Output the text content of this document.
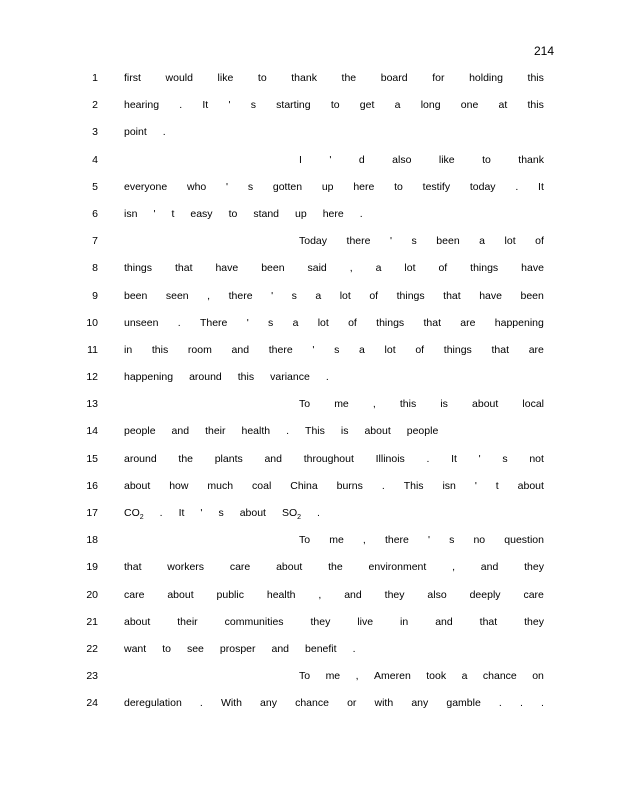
214
1 first would like to thank the board for holding this
2 hearing . It ' s starting to get a long one at this
3 point .
4	I	'	d	also	like	to	thank
5 everyone who ' s gotten up here to testify today . It
6 isn ' t easy to stand up here .
7	Today there ' s been a lot of
8 things that have been said , a lot of things have
9 been seen , there ' s a lot of things that have been
10 unseen . There ' s a lot of things that are happening
11 in this room and there ' s a lot of things that are
12 happening around this variance .
13	To me , this is about local
14 people and their health . This is about people
15 around the plants and throughout Illinois . It ' s not
16 about how much coal China burns . This isn ' t about
17 $CO_2$ . It ' s about $SO_2$ .
18	To me , there ' s no question
19 that workers care about the environment , and they
20 care about public health , and they also deeply care
21 about	their	communities	they	live	in	and	that	they
22 want to see prosper and benefit .
23	To me , Ameren took a chance on
24 deregulation . With any chance or with any gamble . . .
